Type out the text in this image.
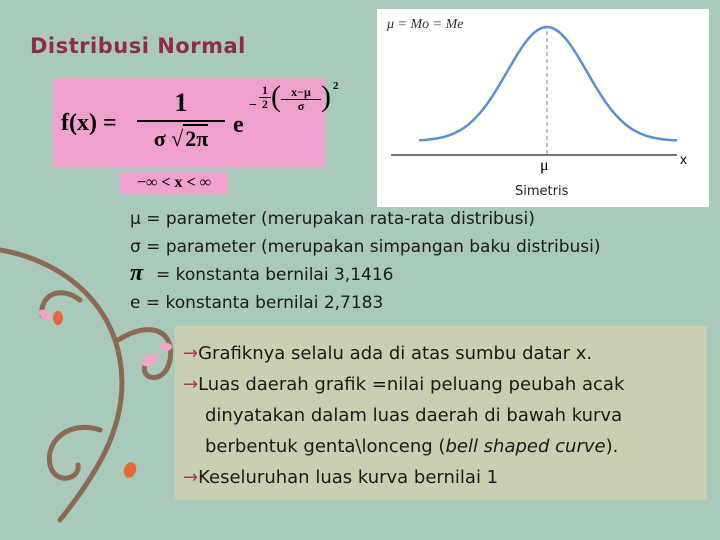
Distribusi Normal
f(x) =
1
σ √2π
e
−
1
2 ( x−μ
σ ) 2
−∞ < x < ∞
μ = Mo = Me
μ	x
Simetris
μ = parameter (merupakan rata-rata distribusi)
σ = parameter (merupakan simpangan baku distribusi)
π = konstanta bernilai 3,1416
e = konstanta bernilai 2,7183
→Grafiknya selalu ada di atas sumbu datar x.
→Luas daerah grafik =nilai peluang peubah acak
dinyatakan dalam luas daerah di bawah kurva
berbentuk genta\lonceng (bell shaped curve).
→Keseluruhan luas kurva bernilai 1
